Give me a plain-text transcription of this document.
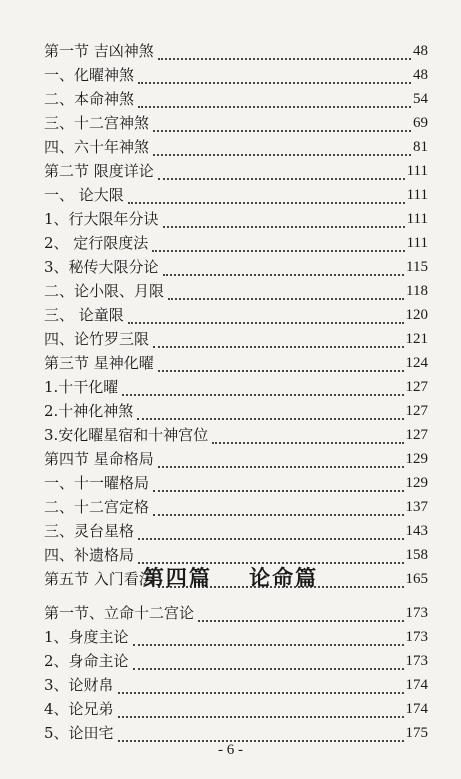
第一节 吉凶神煞	48
一、化曜神煞	48
二、本命神煞	54
三、十二宫神煞	69
四、六十年神煞	81
第二节 限度详论	111
一、 论大限	111
1、行大限年分诀	111
2、 定行限度法	111
3、秘传大限分论	115
二、论小限、月限	118
三、 论童限	120
四、论竹罗三限	121
第三节 星神化曜	124
1.十干化曜	127
2.十神化神煞	127
3.安化曜星宿和十神宫位	127
第四节 星命格局	129
一、十一曜格局	129
二、十二宫定格	137
三、灵台星格	143
四、补遗格局	158
第五节 入门看法	165
第四篇 论命篇
第一节、立命十二宫论	173
1、身度主论	173
2、身命主论	173
3、论财帛	174
4、论兄弟	174
5、论田宅	175
- 6 -
